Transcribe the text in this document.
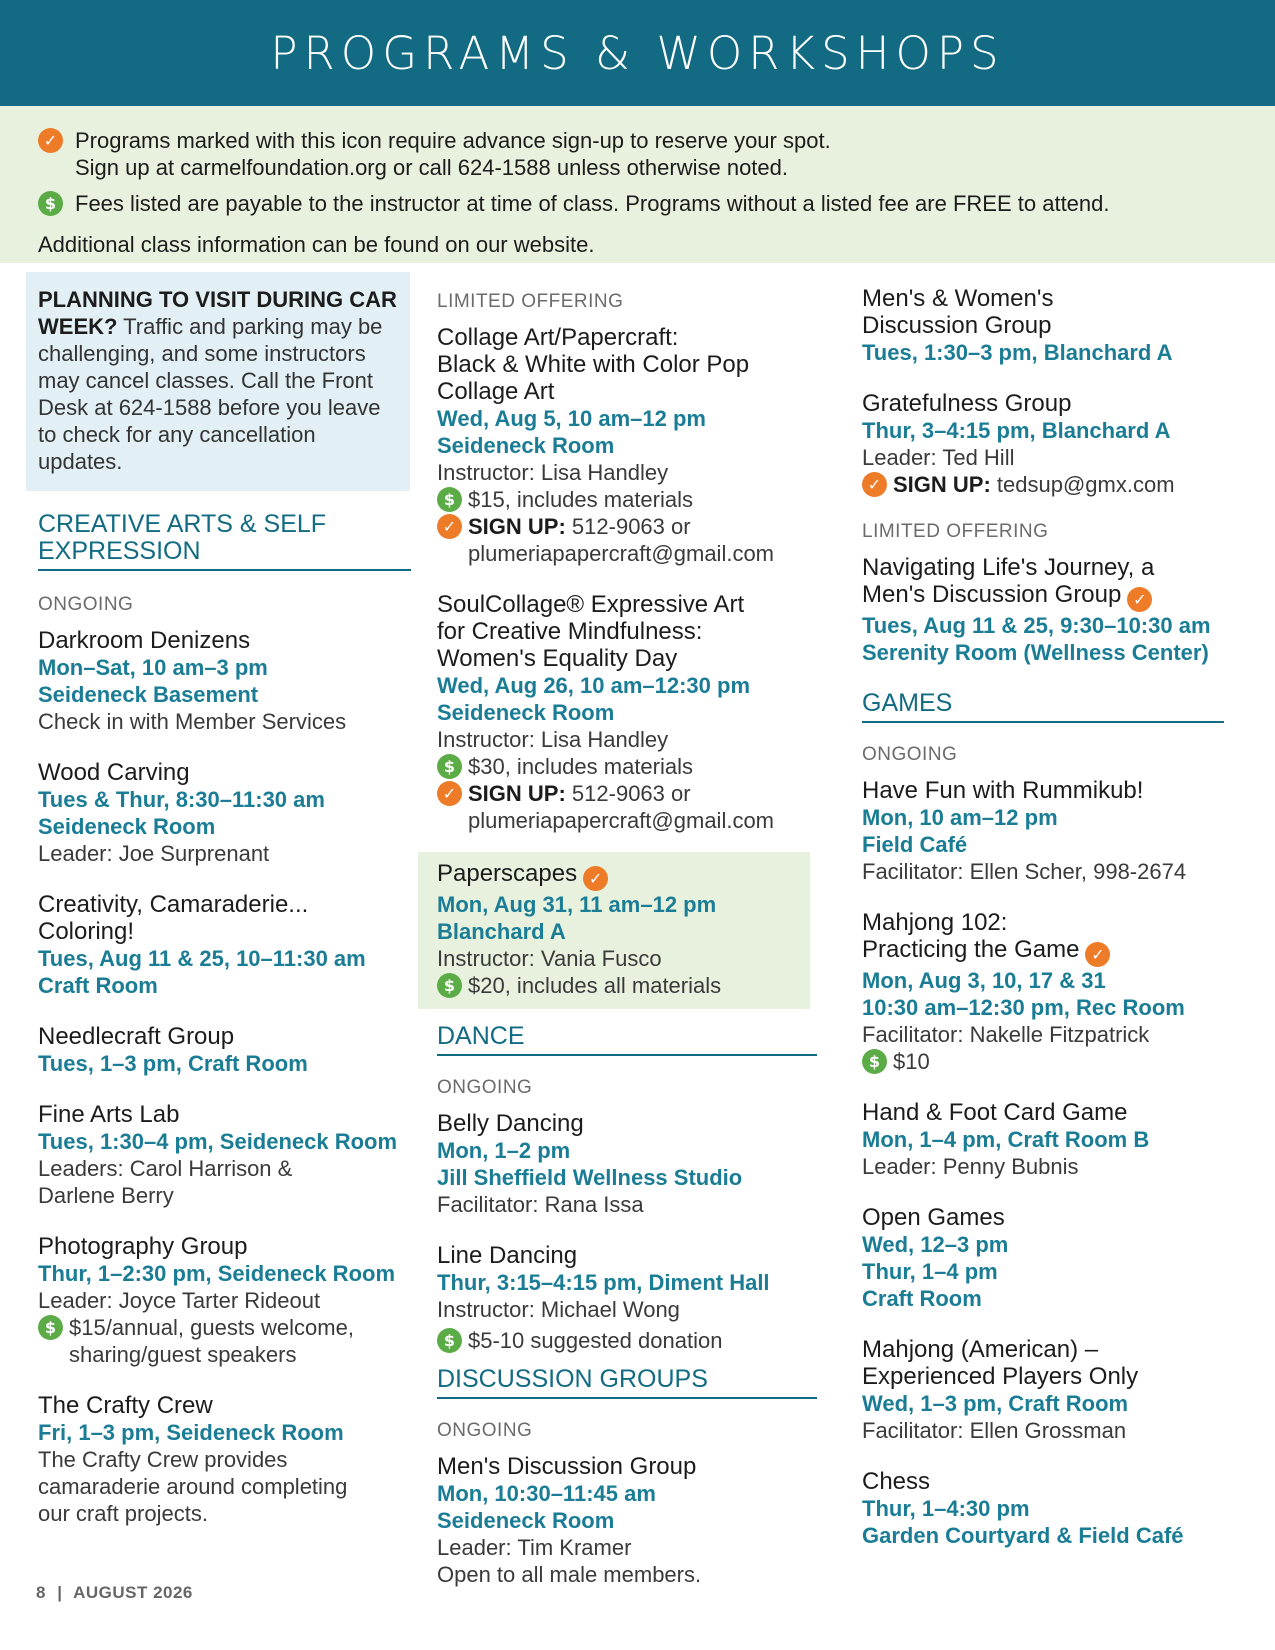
PROGRAMS & WORKSHOPS
✓ Programs marked with this icon require advance sign-up to reserve your spot.
Sign up at carmelfoundation.org or call 624-1588 unless otherwise noted.
$ Fees listed are payable to the instructor at time of class. Programs without a listed fee are FREE to attend.
Additional class information can be found on our website.
PLANNING TO VISIT DURING CAR WEEK? Traffic and parking may be challenging, and some instructors may cancel classes. Call the Front Desk at 624-1588 before you leave to check for any cancellation updates.
CREATIVE ARTS & SELF EXPRESSION
ONGOING
Darkroom Denizens
Mon–Sat, 10 am–3 pm
Seideneck Basement
Check in with Member Services
Wood Carving
Tues & Thur, 8:30–11:30 am
Seideneck Room
Leader: Joe Surprenant
Creativity, Camaraderie...
Coloring!
Tues, Aug 11 & 25, 10–11:30 am
Craft Room
Needlecraft Group
Tues, 1–3 pm, Craft Room
Fine Arts Lab
Tues, 1:30–4 pm, Seideneck Room
Leaders: Carol Harrison &
Darlene Berry
Photography Group
Thur, 1–2:30 pm, Seideneck Room
Leader: Joyce Tarter Rideout
$ $15/annual, guests welcome,
sharing/guest speakers
The Crafty Crew
Fri, 1–3 pm, Seideneck Room
The Crafty Crew provides
camaraderie around completing
our craft projects.
LIMITED OFFERING
Collage Art/Papercraft:
Black & White with Color Pop
Collage Art
Wed, Aug 5, 10 am–12 pm
Seideneck Room
Instructor: Lisa Handley
$ $15, includes materials
✓ SIGN UP: 512-9063 or
plumeriapapercraft@gmail.com
SoulCollage® Expressive Art
for Creative Mindfulness:
Women's Equality Day
Wed, Aug 26, 10 am–12:30 pm
Seideneck Room
Instructor: Lisa Handley
$ $30, includes materials
✓ SIGN UP: 512-9063 or
plumeriapapercraft@gmail.com
Paperscapes ✓
Mon, Aug 31, 11 am–12 pm
Blanchard A
Instructor: Vania Fusco
$ $20, includes all materials
DANCE
ONGOING
Belly Dancing
Mon, 1–2 pm
Jill Sheffield Wellness Studio
Facilitator: Rana Issa
Line Dancing
Thur, 3:15–4:15 pm, Diment Hall
Instructor: Michael Wong
$ $5-10 suggested donation
DISCUSSION GROUPS
ONGOING
Men's Discussion Group
Mon, 10:30–11:45 am
Seideneck Room
Leader: Tim Kramer
Open to all male members.
Men's & Women's
Discussion Group
Tues, 1:30–3 pm, Blanchard A
Gratefulness Group
Thur, 3–4:15 pm, Blanchard A
Leader: Ted Hill
✓ SIGN UP: tedsup@gmx.com
LIMITED OFFERING
Navigating Life's Journey, a
Men's Discussion Group ✓
Tues, Aug 11 & 25, 9:30–10:30 am
Serenity Room (Wellness Center)
GAMES
ONGOING
Have Fun with Rummikub!
Mon, 10 am–12 pm
Field Café
Facilitator: Ellen Scher, 998-2674
Mahjong 102:
Practicing the Game ✓
Mon, Aug 3, 10, 17 & 31
10:30 am–12:30 pm, Rec Room
Facilitator: Nakelle Fitzpatrick
$ $10
Hand & Foot Card Game
Mon, 1–4 pm, Craft Room B
Leader: Penny Bubnis
Open Games
Wed, 12–3 pm
Thur, 1–4 pm
Craft Room
Mahjong (American) –
Experienced Players Only
Wed, 1–3 pm, Craft Room
Facilitator: Ellen Grossman
Chess
Thur, 1–4:30 pm
Garden Courtyard & Field Café
8 | AUGUST 2026
